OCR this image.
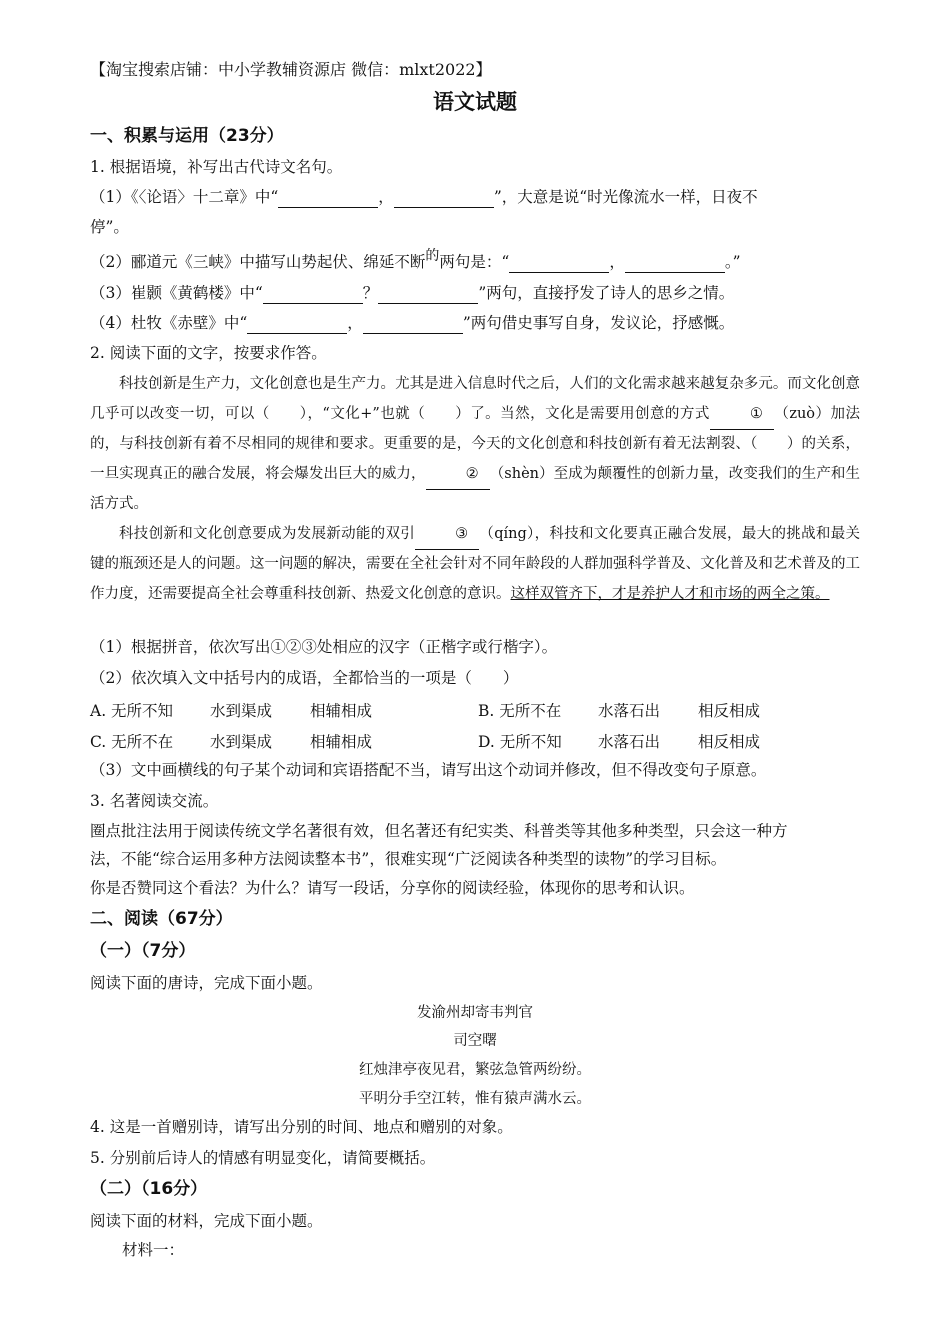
【淘宝搜索店铺：中小学教辅资源店 微信：mlxt2022】
语文试题
一、积累与运用（23分）
1. 根据语境，补写出古代诗文名句。
（1）《〈论语〉十二章》中“	，	”，大意是说“时光像流水一样，日夜不
停”。
（2）郦道元《三峡》中描写山势起伏、绵延不断的两句是：“	，	。”
（3）崔颢《黄鹤楼》中“	？	”两句，直接抒发了诗人的思乡之情。
（4）杜牧《赤壁》中“	，	”两句借史事写自身，发议论，抒感慨。
2. 阅读下面的文字，按要求作答。

科技创新是生产力，文化创意也是生产力。尤其是进入信息时代之后，人们的文化需求越来越复杂多元。而文化创意几乎可以改变一切，可以（　　），“文化+”也就（　　）了。当然，文化是需要用创意的方式	① （zuò）加法的，与科技创新有着不尽相同的规律和要求。更重要的是，今天的文化创意和科技创新有着无法割裂、（　　）的关系，一旦实现真正的融合发展，将会爆发出巨大的威力，	② （shèn）至成为颠覆性的创新力量，改变我们的生产和生活方式。

科技创新和文化创意要成为发展新动能的双引	③ （qíng），科技和文化要真正融合发展，最大的挑战和最关键的瓶颈还是人的问题。这一问题的解决，需要在全社会针对不同年龄段的人群加强科学普及、文化普及和艺术普及的工作力度，还需要提高全社会尊重科技创新、热爱文化创意的意识。这样双管齐下，才是养护人才和市场的两全之策。

（1）根据拼音，依次写出①②③处相应的汉字（正楷字或行楷字）。
（2）依次填入文中括号内的成语，全都恰当的一项是（　　）
A. 无所不知 水到渠成 相辅相成	B. 无所不在 水落石出 相反相成
C. 无所不在 水到渠成 相辅相成	D. 无所不知 水落石出 相反相成
（3）文中画横线的句子某个动词和宾语搭配不当，请写出这个动词并修改，但不得改变句子原意。
3. 名著阅读交流。
圈点批注法用于阅读传统文学名著很有效，但名著还有纪实类、科普类等其他多种类型，只会这一种方
法，不能“综合运用多种方法阅读整本书”，很难实现“广泛阅读各种类型的读物”的学习目标。
你是否赞同这个看法？为什么？请写一段话，分享你的阅读经验，体现你的思考和认识。
二、阅读（67分）
（一）（7分）
阅读下面的唐诗，完成下面小题。
发渝州却寄韦判官
司空曙
红烛津亭夜见君，繁弦急管两纷纷。
平明分手空江转，惟有猿声满水云。
4. 这是一首赠别诗，请写出分别的时间、地点和赠别的对象。
5. 分别前后诗人的情感有明显变化，请简要概括。
（二）（16分）
阅读下面的材料，完成下面小题。
材料一：
